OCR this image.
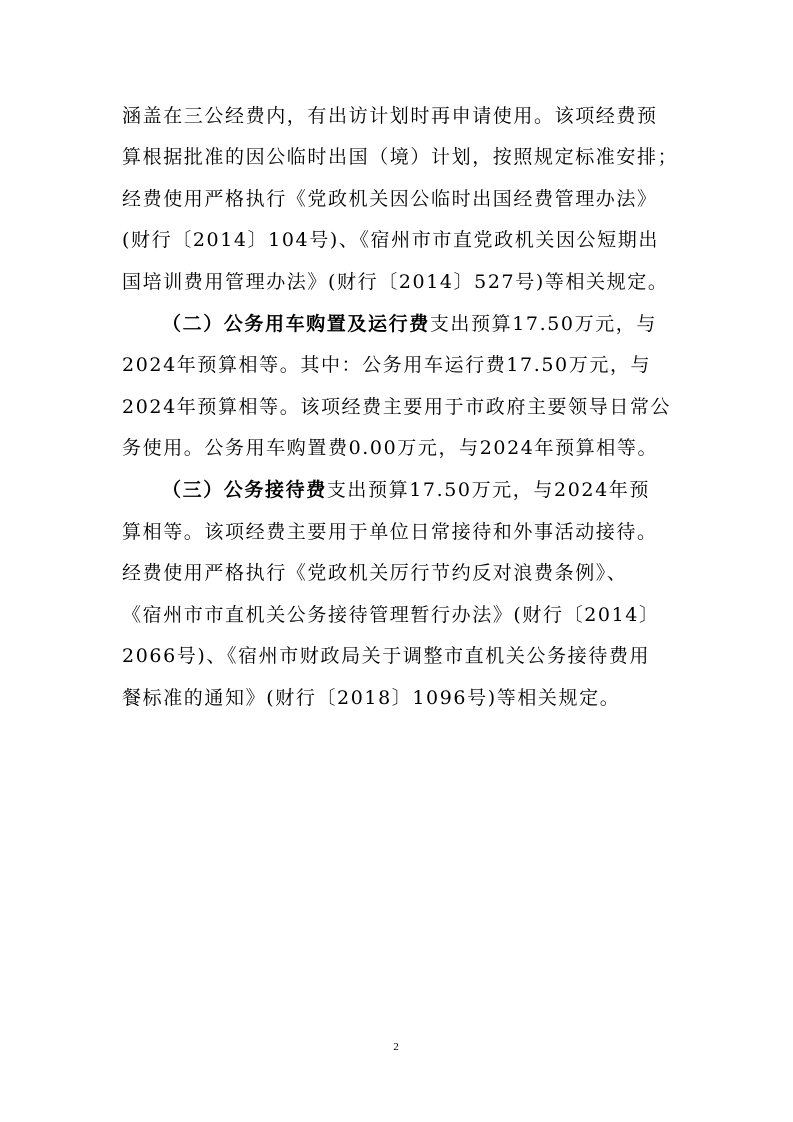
涵盖在三公经费内，有出访计划时再申请使用。该项经费预
算根据批准的因公临时出国（境）计划，按照规定标准安排；
经费使用严格执行《党政机关因公临时出国经费管理办法》
(财行〔2014〕104号)、《宿州市市直党政机关因公短期出
国培训费用管理办法》(财行〔2014〕527号)等相关规定。
（二）公务用车购置及运行费支出预算17.50万元，与
2024年预算相等。其中：公务用车运行费17.50万元，与
2024年预算相等。该项经费主要用于市政府主要领导日常公
务使用。公务用车购置费0.00万元，与2024年预算相等。
（三）公务接待费支出预算17.50万元，与2024年预
算相等。该项经费主要用于单位日常接待和外事活动接待。
经费使用严格执行《党政机关厉行节约反对浪费条例》、
《宿州市市直机关公务接待管理暂行办法》(财行〔2014〕
2066号)、《宿州市财政局关于调整市直机关公务接待费用
餐标准的通知》(财行〔2018〕1096号)等相关规定。
2
